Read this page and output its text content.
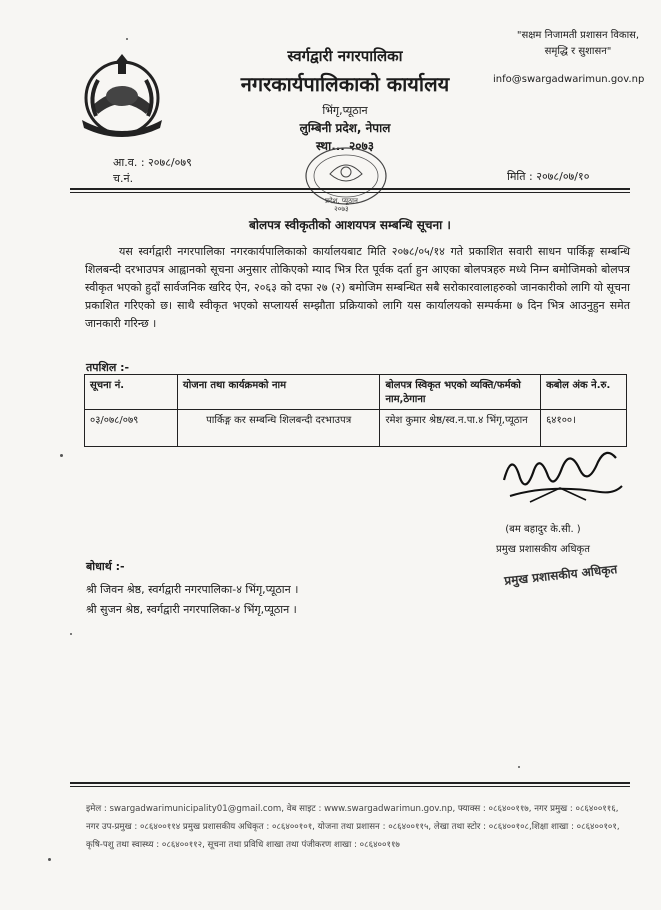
स्वर्गद्वारी नगरपालिका

नगरकार्यपालिकाको कार्यालय

भिंगृ,प्यूठान

लुम्बिनी प्रदेश, नेपाल

स्था... २०७३

"सक्षम निजामती प्रशासन विकास,
समृद्धि र सुशासन"
info@swargadwarimun.gov.np
आ.व. : २०७८/०७९
च.नं.	मिति : २०७८/०७/१०
प्रदेश, प्यूठान
२०७३
बोलपत्र स्वीकृतीको आशयपत्र सम्बन्धि सूचना ।

यस स्वर्गद्वारी नगरपालिका नगरकार्यपालिकाको कार्यालयबाट मिति २०७८/०५/१४ गते प्रकाशित सवारी साधन पार्किङ्ग सम्बन्धि शिलबन्दी दरभाउपत्र आह्वानको सूचना अनुसार तोकिएको म्याद भित्र रित पूर्वक दर्ता हुन आएका बोलपत्रहरु मध्ये निम्न बमोजिमको बोलपत्र स्वीकृत भएको हुदाँ सार्वजनिक खरिद ऐन, २०६३ को दफा २७ (२) बमोजिम सम्बन्धित सबै सरोकारवालाहरुको जानकारीको लागि यो सूचना प्रकाशित गरिएको छ। साथै स्वीकृत भएको सप्लायर्स सम्झौता प्रक्रियाको लागि यस कार्यालयको सम्पर्कमा ७ दिन भित्र आउनुहुन समेत जानकारी गरिन्छ ।

तपशिल :-
सूचना नं.	योजना तथा कार्यक्रमको नाम	बोलपत्र स्विकृत भएको व्यक्ति/फर्मको नाम,ठेगाना	कबोल अंक ने.रु.
०३/०७८/०७९	पार्किङ्ग कर सम्बन्धि शिलबन्दी दरभाउपत्र	रमेश कुमार श्रेष्ठ/स्व.न.पा.४ भिंगृ,प्यूठान	६४१००।
(बम बहादुर के.सी. )
प्रमुख प्रशासकीय अधिकृत
प्रमुख प्रशासकीय अधिकृत
बोधार्थ :-
श्री जिवन श्रेष्ठ, स्वर्गद्वारी नगरपालिका-४ भिंगृ,प्यूठान ।
श्री सुजन श्रेष्ठ, स्वर्गद्वारी नगरपालिका-४ भिंगृ,प्यूठान ।
इमेल : swargadwarimunicipality01@gmail.com, वेब साइट : www.swargadwarimun.gov.np, फ्याक्स : ०८६४००११७, नगर प्रमुख : ०८६४००११६, नगर उप-प्रमुख : ०८६४००११४ प्रमुख प्रशासकीय अधिकृत : ०८६४००१०१, योजना तथा प्रशासन : ०८६४००११५, लेखा तथा स्टोर : ०८६४००१०८,शिक्षा शाखा : ०८६४००१०१, कृषि-पशु तथा स्वास्थ्य : ०८६४००११२, सूचना तथा प्रविधि शाखा तथा पंजीकरण शाखा : ०८६४००११७
